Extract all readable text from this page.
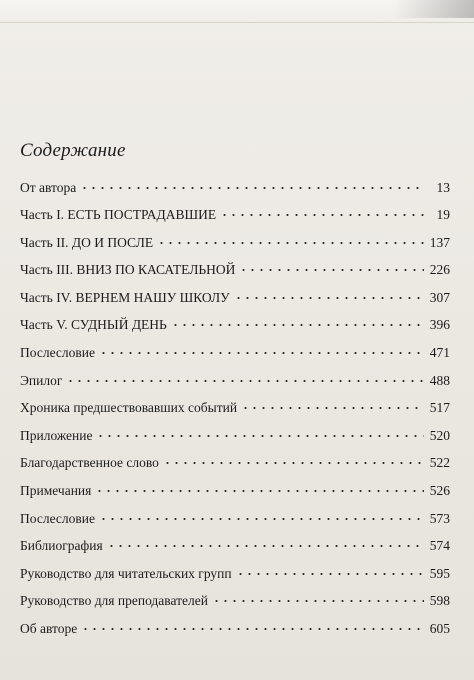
Содержание
От автора	13
Часть I. ЕСТЬ ПОСТРАДАВШИЕ	19
Часть II. ДО И ПОСЛЕ	137
Часть III. ВНИЗ ПО КАСАТЕЛЬНОЙ	226
Часть IV. ВЕРНЕМ НАШУ ШКОЛУ	307
Часть V. СУДНЫЙ ДЕНЬ	396
Послесловие	471
Эпилог	488
Хроника предшествовавших событий	517
Приложение	520
Благодарственное слово	522
Примечания	526
Послесловие	573
Библиография	574
Руководство для читательских групп	595
Руководство для преподавателей	598
Об авторе	605
